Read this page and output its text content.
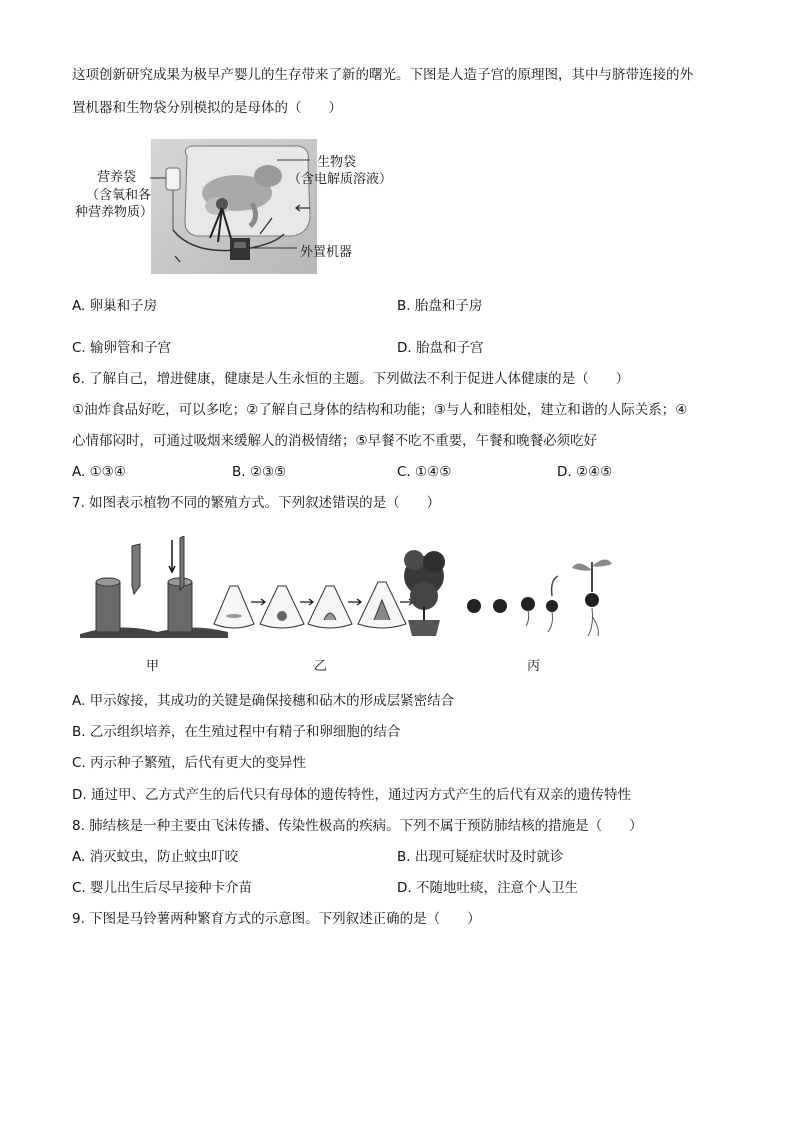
这项创新研究成果为极早产婴儿的生存带来了新的曙光。下图是人造子宫的原理图，其中与脐带连接的外
置机器和生物袋分别模拟的是母体的（　　）
营养袋
（含氧和各
种营养物质）
生物袋
（含电解质溶液）
外置机器
A. 卵巢和子房	B. 胎盘和子房
C. 输卵管和子宫	D. 胎盘和子宫
6. 了解自己，增进健康，健康是人生永恒的主题。下列做法不利于促进人体健康的是（　　）
①油炸食品好吃，可以多吃；②了解自己身体的结构和功能；③与人和睦相处，建立和谐的人际关系；④
心情郁闷时，可通过吸烟来缓解人的消极情绪；⑤早餐不吃不重要，午餐和晚餐必须吃好
A. ①③④	B. ②③⑤	C. ①④⑤	D. ②④⑤
7. 如图表示植物不同的繁殖方式。下列叙述错误的是（　　）
甲	乙	丙
A. 甲示嫁接，其成功的关键是确保接穗和砧木的形成层紧密结合
B. 乙示组织培养，在生殖过程中有精子和卵细胞的结合
C. 丙示种子繁殖，后代有更大的变异性
D. 通过甲、乙方式产生的后代只有母体的遗传特性，通过丙方式产生的后代有双亲的遗传特性
8. 肺结核是一种主要由飞沫传播、传染性极高的疾病。下列不属于预防肺结核的措施是（　　）
A. 消灭蚊虫，防止蚊虫叮咬	B. 出现可疑症状时及时就诊
C. 婴儿出生后尽早接种卡介苗	D. 不随地吐痰，注意个人卫生
9. 下图是马铃薯两种繁育方式的示意图。下列叙述正确的是（　　）
